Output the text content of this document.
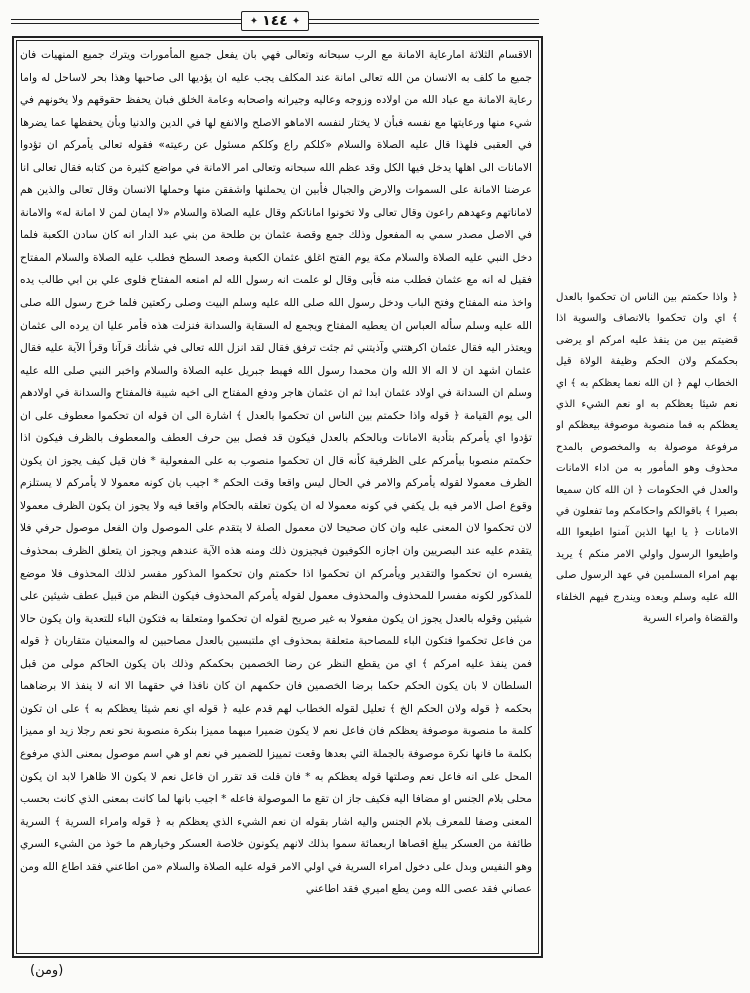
✦
١٤٤
✦

الاقسام الثلاثة امارعاية الامانة مع الرب سبحانه وتعالى فهي بان يفعل جميع المأمورات ويترك جميع المنهيات فان جميع ما كلف به الانسان من الله تعالى امانة عند المكلف يجب عليه ان يؤديها الى صاحبها وهذا بحر لاساحل له واما رعاية الامانة مع عباد الله من اولاده وزوجه وعاليه وجيرانه واصحابه وعامة الخلق فبان يحفظ حقوقهم ولا يخونهم في شيء منها ورعايتها مع نفسه فبأن لا يختار لنفسه الاماهو الاصلح والانفع لها في الدين والدنيا وبأن يحفظها عما يضرها في العقبى فلهذا قال عليه الصلاة والسلام «كلكم راع وكلكم مسئول عن رعيته» فقوله تعالى يأمركم ان تؤدوا الامانات الى اهلها يدخل فيها الكل وقد عظم الله سبحانه وتعالى امر الامانة في مواضع كثيرة من كتابه فقال تعالى انا عرضنا الامانة على السموات والارض والجبال فأبين ان يحملنها واشفقن منها وحملها الانسان وقال تعالى والذين هم لاماناتهم وعهدهم راعون وقال تعالى ولا تخونوا اماناتكم وقال عليه الصلاة والسلام «لا ايمان لمن لا امانة له» والامانة في الاصل مصدر سمي به المفعول وذلك جمع وقصة عثمان بن طلحة من بني عبد الدار انه كان سادن الكعبة فلما دخل النبي عليه الصلاة والسلام مكة يوم الفتح اغلق عثمان الكعبة وصعد السطح فطلب عليه الصلاة والسلام المفتاح فقيل له انه مع عثمان فطلب منه فأبى وقال لو علمت انه رسول الله لم امنعه المفتاح فلوى علي بن ابي طالب يده واخذ منه المفتاح وفتح الباب ودخل رسول الله صلى الله عليه وسلم البيت وصلى ركعتين فلما خرج رسول الله صلى الله عليه وسلم سأله العباس ان يعطيه المفتاح ويجمع له السقاية والسدانة فنزلت هذه فأمر عليا ان يرده الى عثمان ويعتذر اليه فقال عثمان اكرهتني وآذيتني ثم جئت ترفق فقال لقد انزل الله تعالى في شأنك قرآنا وقرأ الآية عليه فقال عثمان اشهد ان لا اله الا الله وان محمدا رسول الله فهبط جبريل عليه الصلاة والسلام واخبر النبي صلى الله عليه وسلم ان السدانة في اولاد عثمان ابدا ثم ان عثمان هاجر ودفع المفتاح الى اخيه شيبة فالمفتاح والسدانة في اولادهم الى يوم القيامة ﴿ قوله واذا حكمتم بين الناس ان تحكموا بالعدل ﴾ اشارة الى ان قوله ان تحكموا معطوف على ان تؤدوا اي يأمركم بتأدية الامانات وبالحكم بالعدل فيكون قد فصل بين حرف العطف والمعطوف بالظرف فيكون اذا حكمتم منصوبا بيأمركم على الظرفية كأنه قال ان تحكموا منصوب به على المفعولية * فان قيل كيف يجوز ان يكون الظرف معمولا لقوله يأمركم والامر في الحال ليس واقعا وقت الحكم * اجيب بان كونه معمولا لا يأمركم لا يستلزم وقوع اصل الامر فيه بل يكفي في كونه معمولا له ان يكون تعلقه بالحكام واقعا فيه ولا يجوز ان يكون الظرف معمولا لان تحكموا لان المعنى عليه وان كان صحيحا لان معمول الصلة لا يتقدم على الموصول وان الفعل موصول حرفي فلا يتقدم عليه عند البصريين وان اجازه الكوفيون فيجيزون ذلك ومنه هذه الآية عندهم ويجوز ان يتعلق الظرف بمحذوف يفسره ان تحكموا والتقدير ويأمركم ان تحكموا اذا حكمتم وان تحكموا المذكور مفسر لذلك المحذوف فلا موضع للمذكور لكونه مفسرا للمحذوف والمحذوف معمول لقوله يأمركم المحذوف فيكون النظم من قبيل عطف شيئين على شيئين وقوله بالعدل يجوز ان يكون مفعولا به غير صريح لقوله ان تحكموا ومتعلقا به فتكون الباء للتعدية وان يكون حالا من فاعل تحكموا فتكون الباء للمصاحبة متعلقة بمحذوف اي ملتبسين بالعدل مصاحبين له والمعنيان متقاربان ﴿ قوله فمن ينفذ عليه امركم ﴾ اي من يقطع النظر عن رضا الخصمين بحكمكم وذلك بان يكون الحاكم مولى من قبل السلطان لا بان يكون الحكم حكما برضا الخصمين فان حكمهم ان كان نافذا في حقهما الا انه لا ينفذ الا برضاهما بحكمه ﴿ قوله ولان الحكم الخ ﴾ تعليل لقوله الخطاب لهم قدم عليه ﴿ قوله اي نعم شيئا يعظكم به ﴾ على ان تكون كلمة ما منصوبة موصوفة يعظكم فان فاعل نعم لا يكون ضميرا مبهما مميزا بنكرة منصوبة نحو نعم رجلا زيد او مميزا بكلمة ما فانها نكرة موصوفة بالجملة التي بعدها وقعت تمييزا للضمير في نعم او هي اسم موصول بمعنى الذي مرفوع المحل على انه فاعل نعم وصلتها قوله يعظكم به * فان قلت قد تقرر ان فاعل نعم لا يكون الا ظاهرا لابد ان يكون محلى بلام الجنس او مضافا اليه فكيف جاز ان تقع ما الموصولة فاعله * اجيب بانها لما كانت بمعنى الذي كانت بحسب المعنى وصفا للمعرف بلام الجنس واليه اشار بقوله ان نعم الشيء الذي يعظكم به ﴿ قوله وامراء السرية ﴾ السرية طائفة من العسكر يبلغ اقصاها اربعمائة سموا بذلك لانهم يكونون خلاصة العسكر وخيارهم ما خوذ من الشيء السري وهو النفيس وبدل على دخول امراء السرية في اولي الامر قوله عليه الصلاة والسلام «من اطاعني فقد اطاع الله ومن عصاني فقد عصى الله ومن يطع اميري فقد اطاعني

﴿ واذا حكمتم بين الناس ان تحكموا بالعدل ﴾ اي وان تحكموا بالانصاف والسوية اذا قضيتم بين من ينفذ عليه امركم او يرضى بحكمكم ولان الحكم وظيفة الولاة قيل الخطاب لهم ﴿ ان الله نعما يعظكم به ﴾ اي نعم شيئا يعظكم به او نعم الشيء الذي يعظكم به فما منصوبة موصوفة بيعظكم او مرفوعة موصولة به والمخصوص بالمدح محذوف وهو المأمور به من اداء الامانات والعدل في الحكومات ﴿ ان الله كان سميعا بصيرا ﴾ باقوالكم واحكامكم وما تفعلون في الامانات ﴿ يا ايها الذين آمنوا اطيعوا الله واطيعوا الرسول واولي الامر منكم ﴾ يريد بهم امراء المسلمين في عهد الرسول صلى الله عليه وسلم وبعده ويندرج فيهم الخلفاء والقضاة وامراء السرية

(ومن)
